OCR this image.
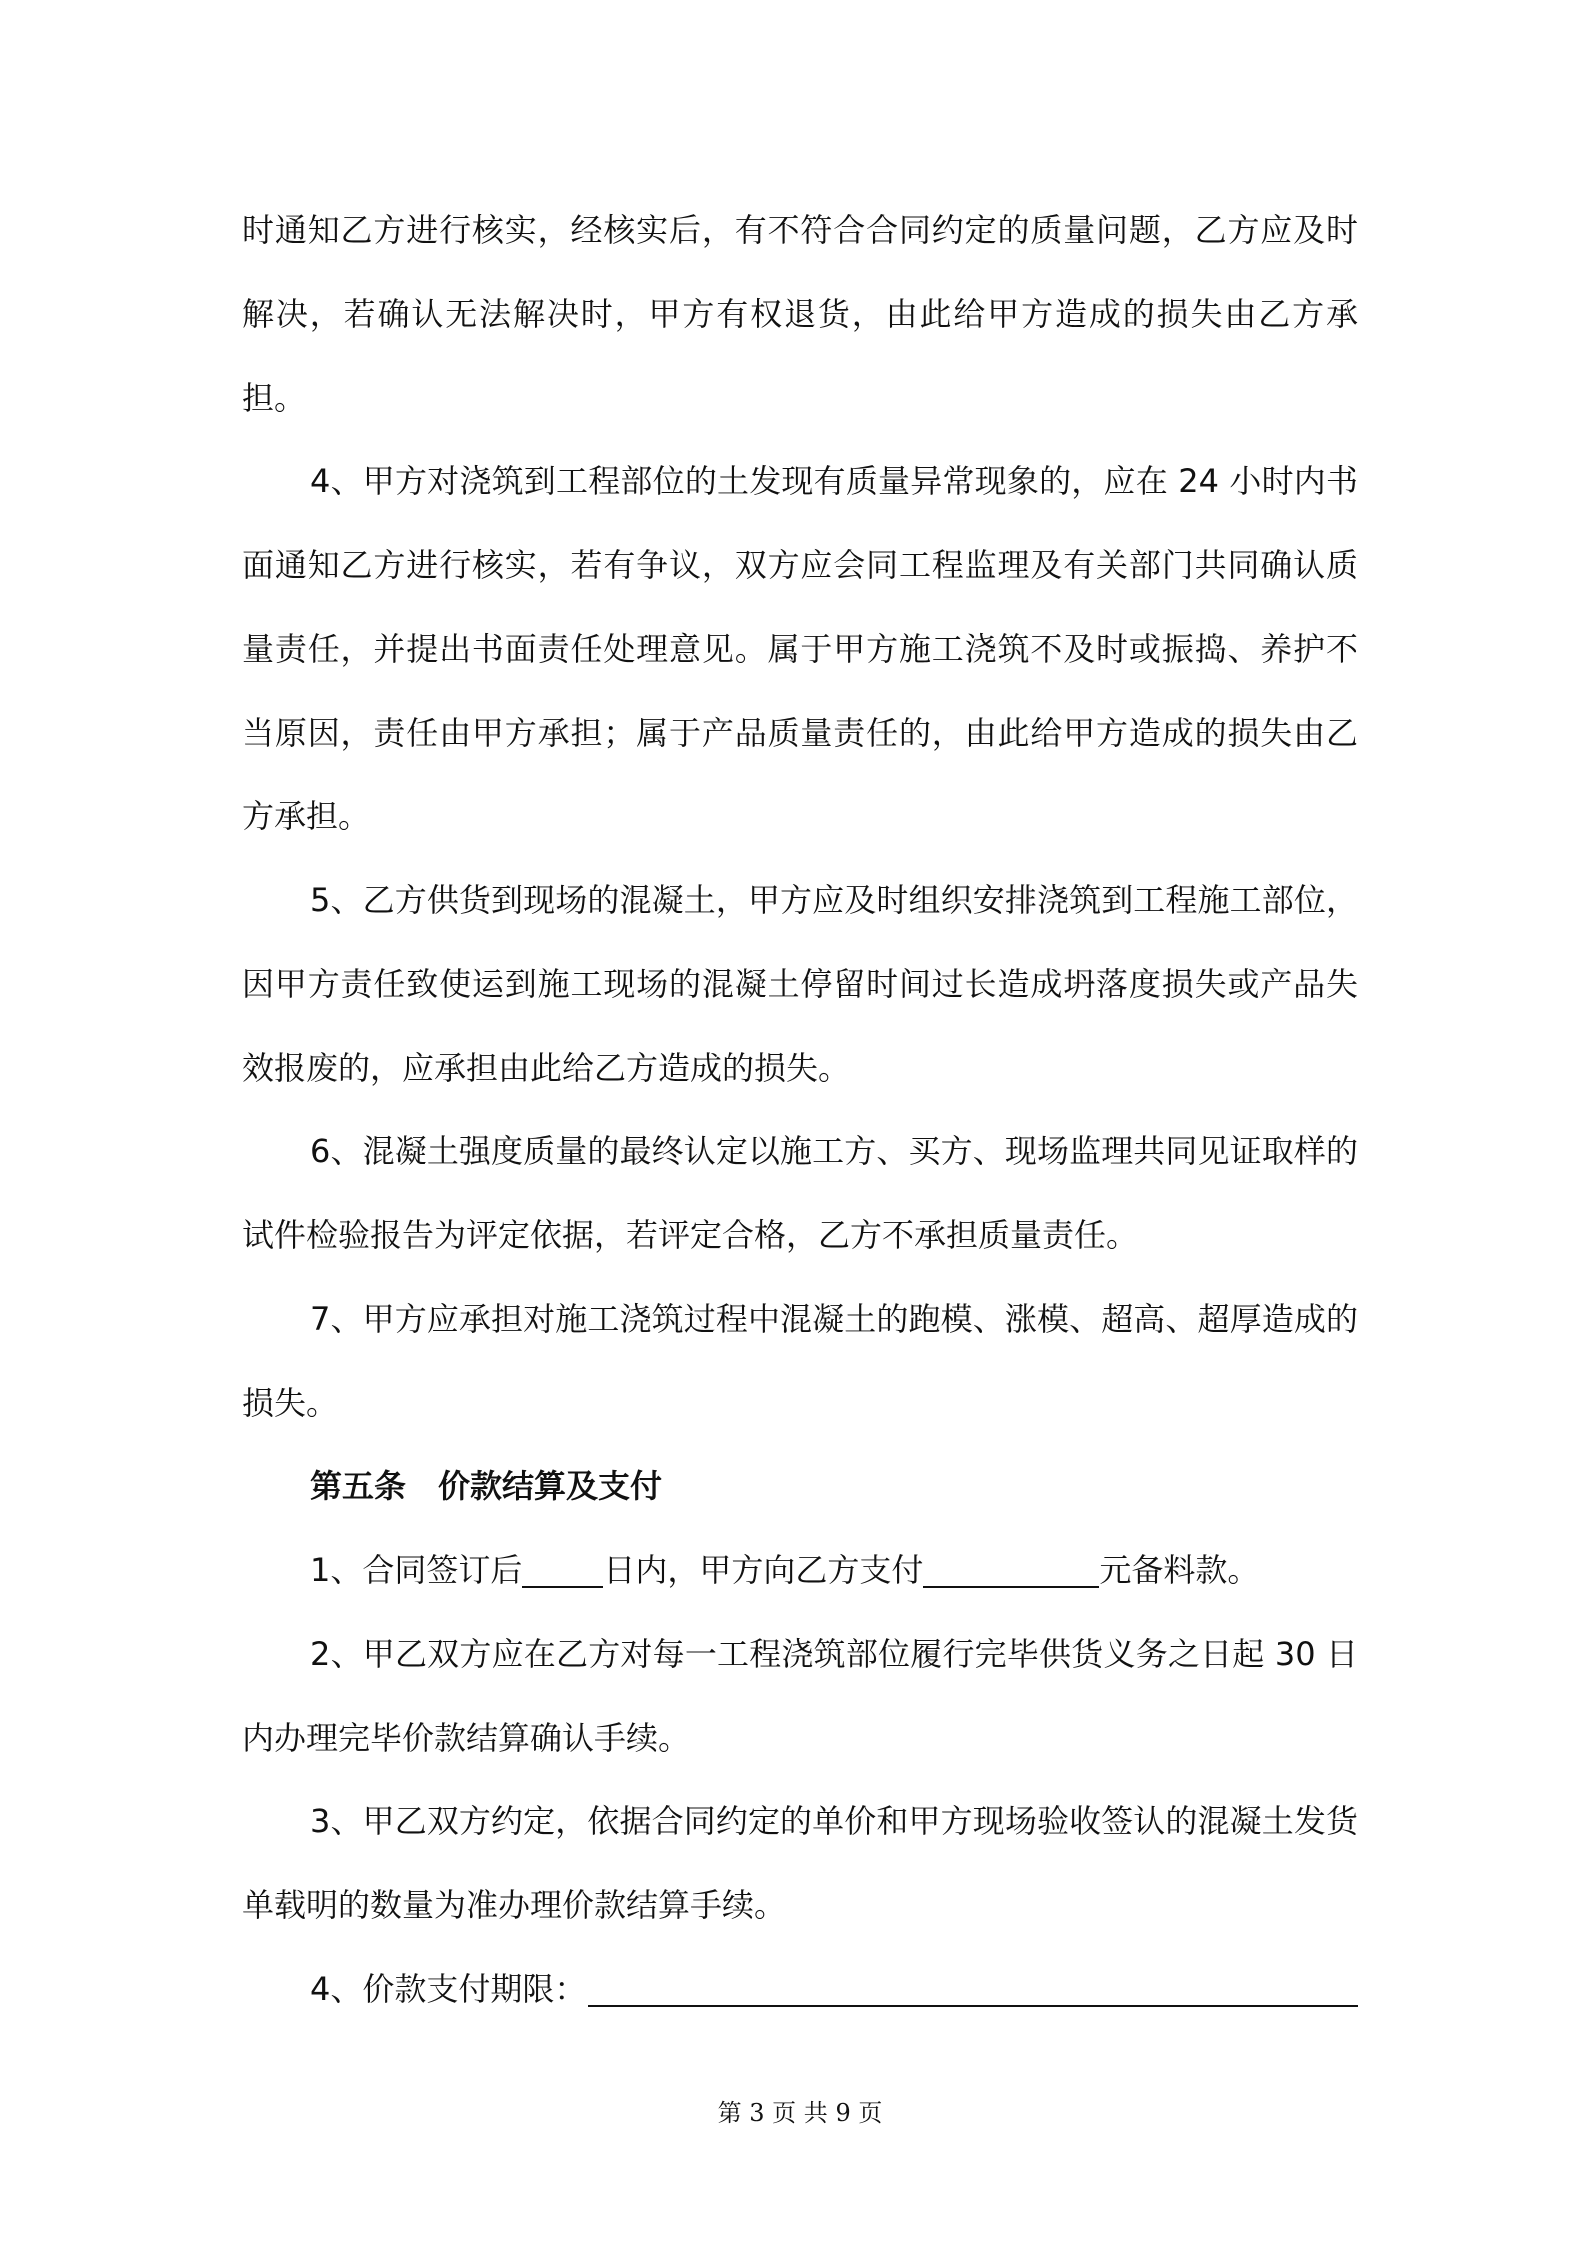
时通知乙方进行核实，经核实后，有不符合合同约定的质量问题，乙方应及时
解决，若确认无法解决时，甲方有权退货，由此给甲方造成的损失由乙方承
担。
4、甲方对浇筑到工程部位的土发现有质量异常现象的，应在 24 小时内书
面通知乙方进行核实，若有争议，双方应会同工程监理及有关部门共同确认质
量责任，并提出书面责任处理意见。属于甲方施工浇筑不及时或振捣、养护不
当原因，责任由甲方承担；属于产品质量责任的，由此给甲方造成的损失由乙
方承担。
5、乙方供货到现场的混凝土，甲方应及时组织安排浇筑到工程施工部位，
因甲方责任致使运到施工现场的混凝土停留时间过长造成坍落度损失或产品失
效报废的，应承担由此给乙方造成的损失。
6、混凝土强度质量的最终认定以施工方、买方、现场监理共同见证取样的
试件检验报告为评定依据，若评定合格，乙方不承担质量责任。
7、甲方应承担对施工浇筑过程中混凝土的跑模、涨模、超高、超厚造成的
损失。
第五条　价款结算及支付
1、合同签订后	日内，甲方向乙方支付	元备料款。
2、甲乙双方应在乙方对每一工程浇筑部位履行完毕供货义务之日起 30 日
内办理完毕价款结算确认手续。
3、甲乙双方约定，依据合同约定的单价和甲方现场验收签认的混凝土发货
单载明的数量为准办理价款结算手续。
4、价款支付期限：
第 3 页 共 9 页
